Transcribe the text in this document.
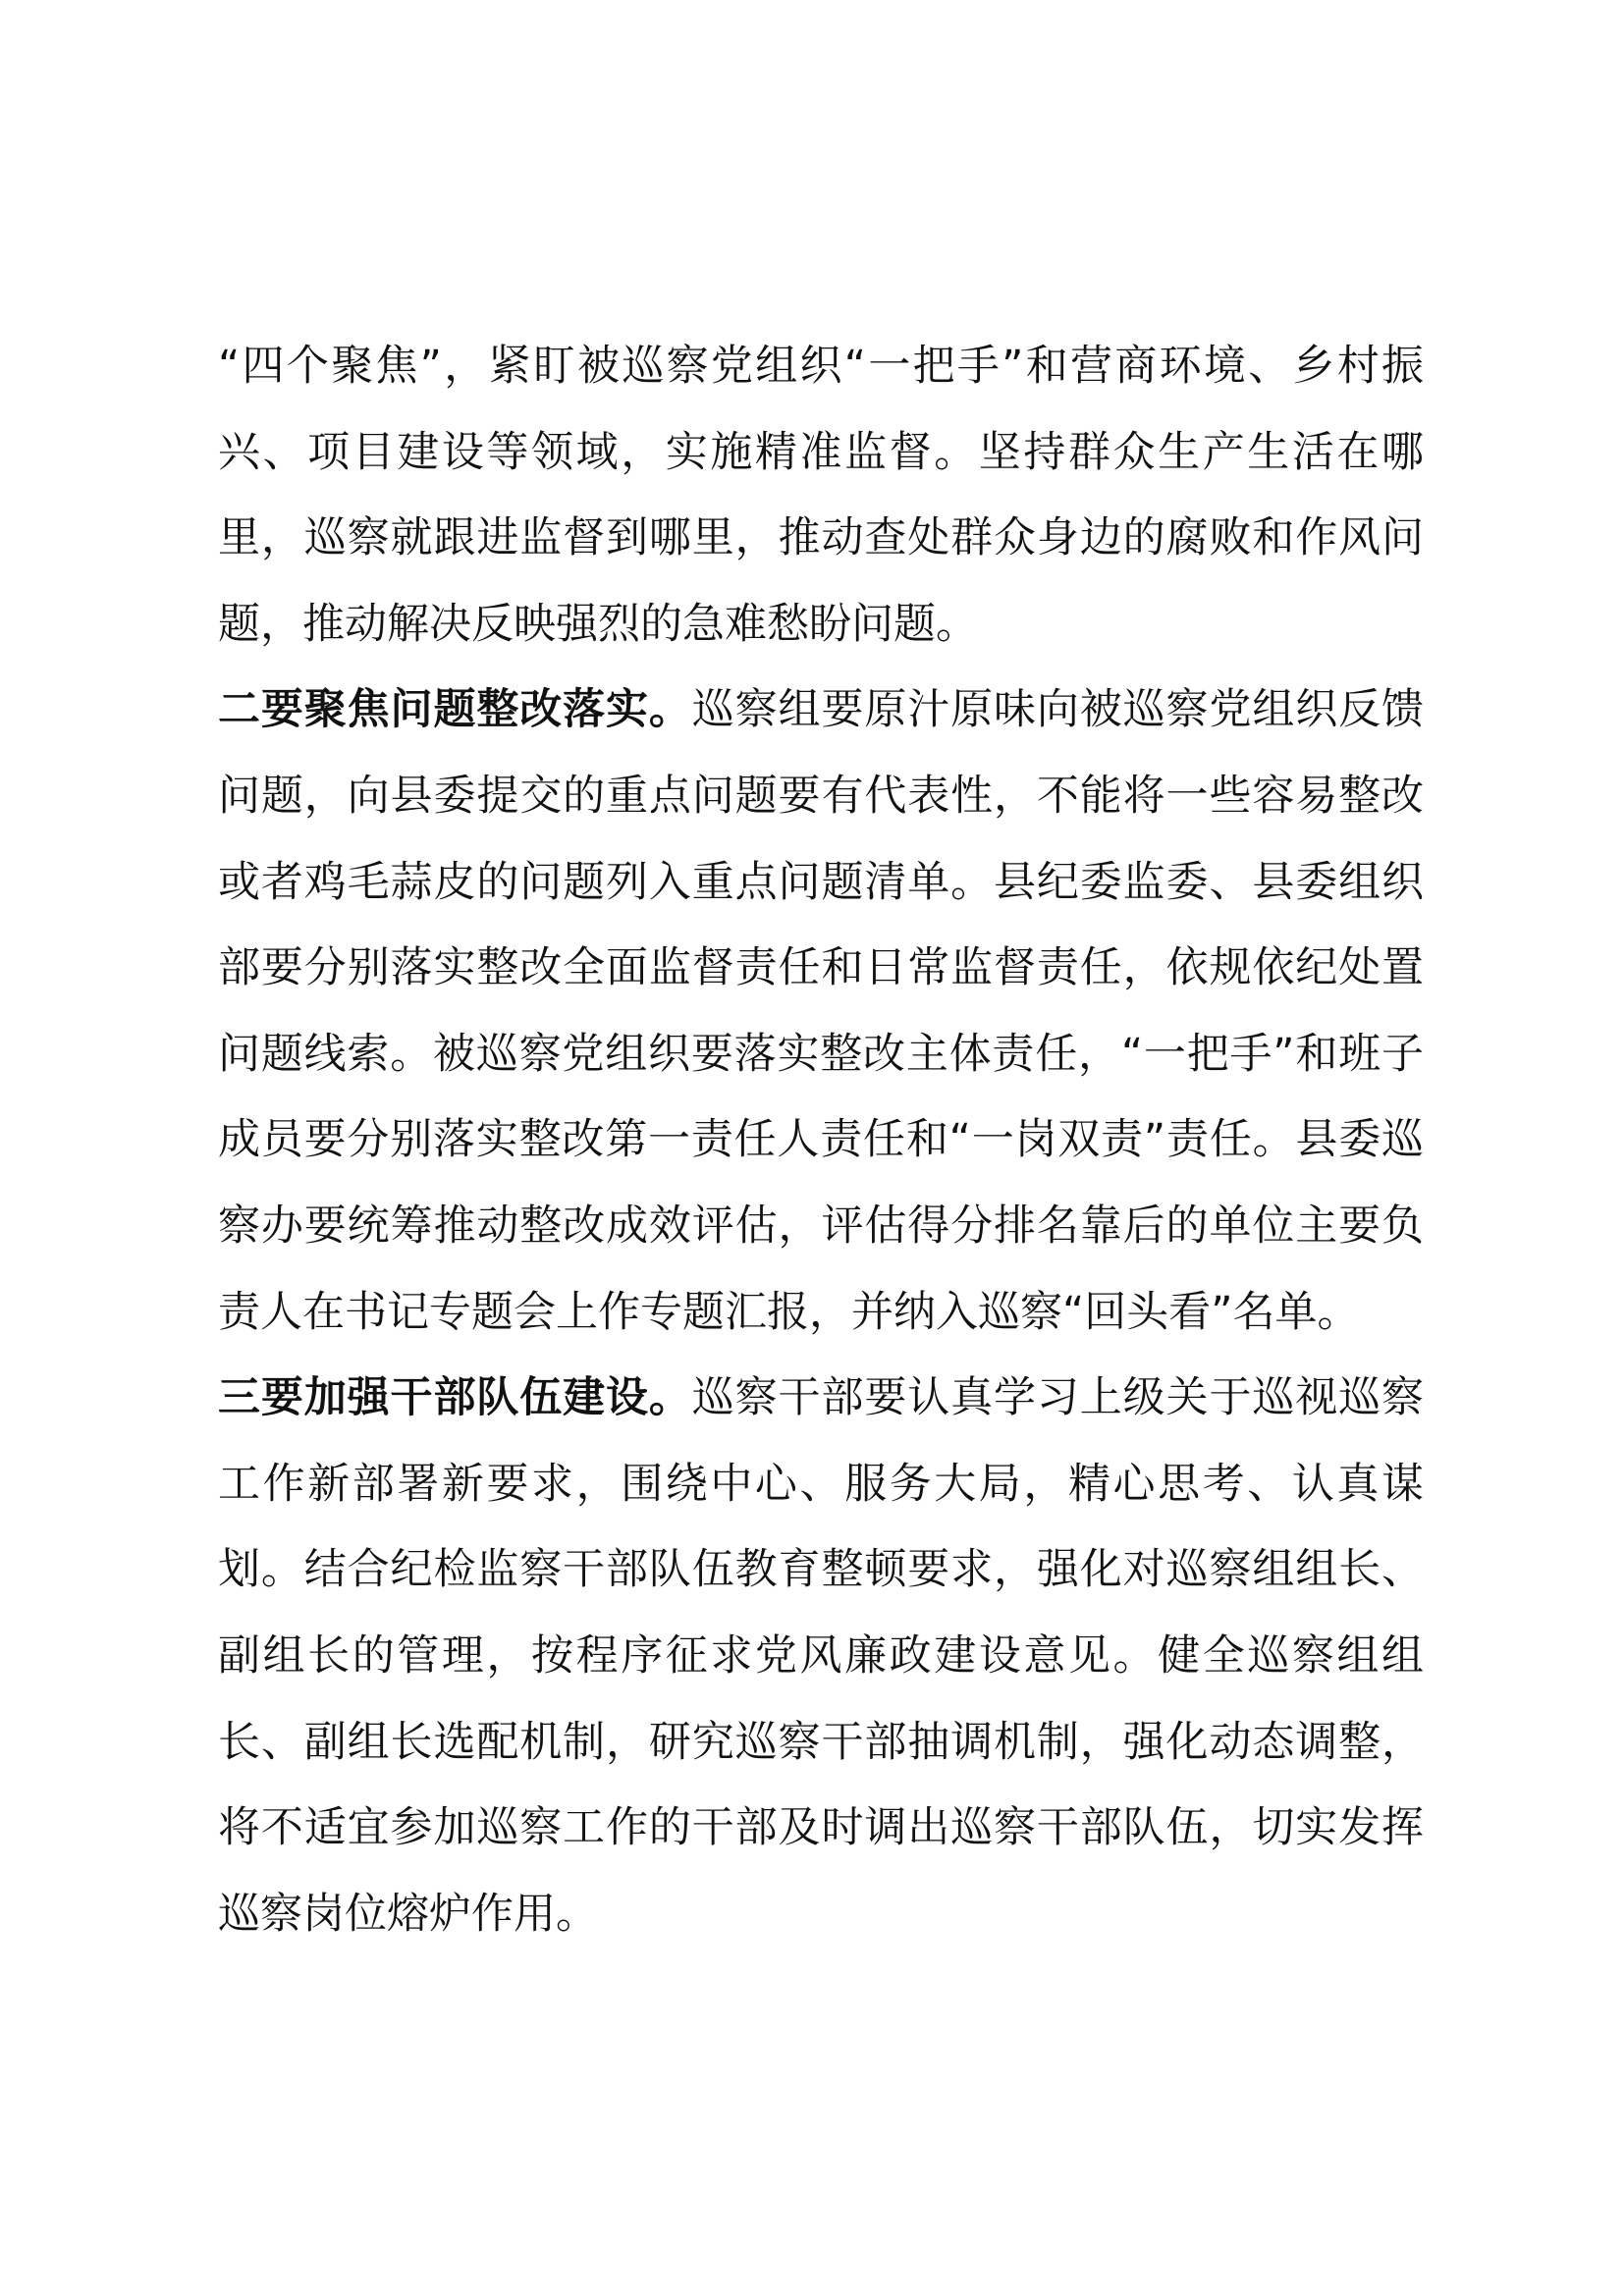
“四个聚焦”，紧盯被巡察党组织“一把手”和营商环境、乡村振兴、项目建设等领域，实施精准监督。坚持群众生产生活在哪里，巡察就跟进监督到哪里，推动查处群众身边的腐败和作风问题，推动解决反映强烈的急难愁盼问题。

二要聚焦问题整改落实。巡察组要原汁原味向被巡察党组织反馈问题，向县委提交的重点问题要有代表性，不能将一些容易整改或者鸡毛蒜皮的问题列入重点问题清单。县纪委监委、县委组织部要分别落实整改全面监督责任和日常监督责任，依规依纪处置问题线索。被巡察党组织要落实整改主体责任，“一把手”和班子成员要分别落实整改第一责任人责任和“一岗双责”责任。县委巡察办要统筹推动整改成效评估，评估得分排名靠后的单位主要负责人在书记专题会上作专题汇报，并纳入巡察“回头看”名单。

三要加强干部队伍建设。巡察干部要认真学习上级关于巡视巡察工作新部署新要求，围绕中心、服务大局，精心思考、认真谋划。结合纪检监察干部队伍教育整顿要求，强化对巡察组组长、副组长的管理，按程序征求党风廉政建设意见。健全巡察组组长、副组长选配机制，研究巡察干部抽调机制，强化动态调整，将不适宜参加巡察工作的干部及时调出巡察干部队伍，切实发挥巡察岗位熔炉作用。
